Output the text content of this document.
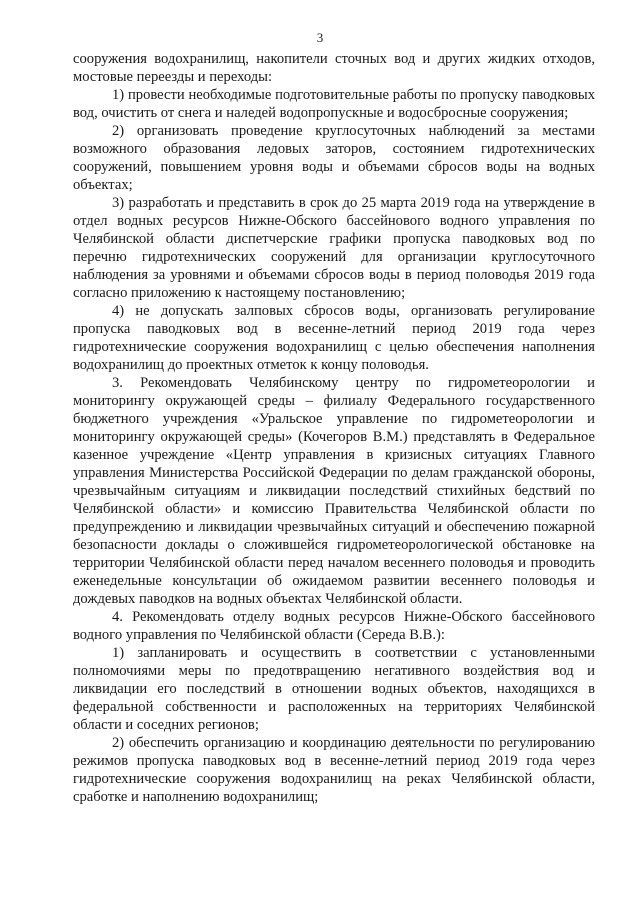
3

сооружения водохранилищ, накопители сточных вод и других жидких отходов, мостовые переезды и переходы:

1) провести необходимые подготовительные работы по пропуску паводковых вод, очистить от снега и наледей водопропускные и водосбросные сооружения;

2) организовать проведение круглосуточных наблюдений за местами возможного образования ледовых заторов, состоянием гидротехнических сооружений, повышением уровня воды и объемами сбросов воды на водных объектах;

3) разработать и представить в срок до 25 марта 2019 года на утверждение в отдел водных ресурсов Нижне-Обского бассейнового водного управления по Челябинской области диспетчерские графики пропуска паводковых вод по перечню гидротехнических сооружений для организации круглосуточного наблюдения за уровнями и объемами сбросов воды в период половодья 2019 года согласно приложению к настоящему постановлению;

4) не допускать залповых сбросов воды, организовать регулирование пропуска паводковых вод в весенне-летний период 2019 года через гидротехнические сооружения водохранилищ с целью обеспечения наполнения водохранилищ до проектных отметок к концу половодья.

3. Рекомендовать Челябинскому центру по гидрометеорологии и мониторингу окружающей среды – филиалу Федерального государственного бюджетного учреждения «Уральское управление по гидрометеорологии и мониторингу окружающей среды» (Кочегоров В.М.) представлять в Федеральное казенное учреждение «Центр управления в кризисных ситуациях Главного управления Министерства Российской Федерации по делам гражданской обороны, чрезвычайным ситуациям и ликвидации последствий стихийных бедствий по Челябинской области» и комиссию Правительства Челябинской области по предупреждению и ликвидации чрезвычайных ситуаций и обеспечению пожарной безопасности доклады о сложившейся гидрометеорологической обстановке на территории Челябинской области перед началом весеннего половодья и проводить еженедельные консультации об ожидаемом развитии весеннего половодья и дождевых паводков на водных объектах Челябинской области.

4. Рекомендовать отделу водных ресурсов Нижне-Обского бассейнового водного управления по Челябинской области (Середа В.В.):

1) запланировать и осуществить в соответствии с установленными полномочиями меры по предотвращению негативного воздействия вод и ликвидации его последствий в отношении водных объектов, находящихся в федеральной собственности и расположенных на территориях Челябинской области и соседних регионов;

2) обеспечить организацию и координацию деятельности по регулированию режимов пропуска паводковых вод в весенне-летний период 2019 года через гидротехнические сооружения водохранилищ на реках Челябинской области, сработке и наполнению водохранилищ;
